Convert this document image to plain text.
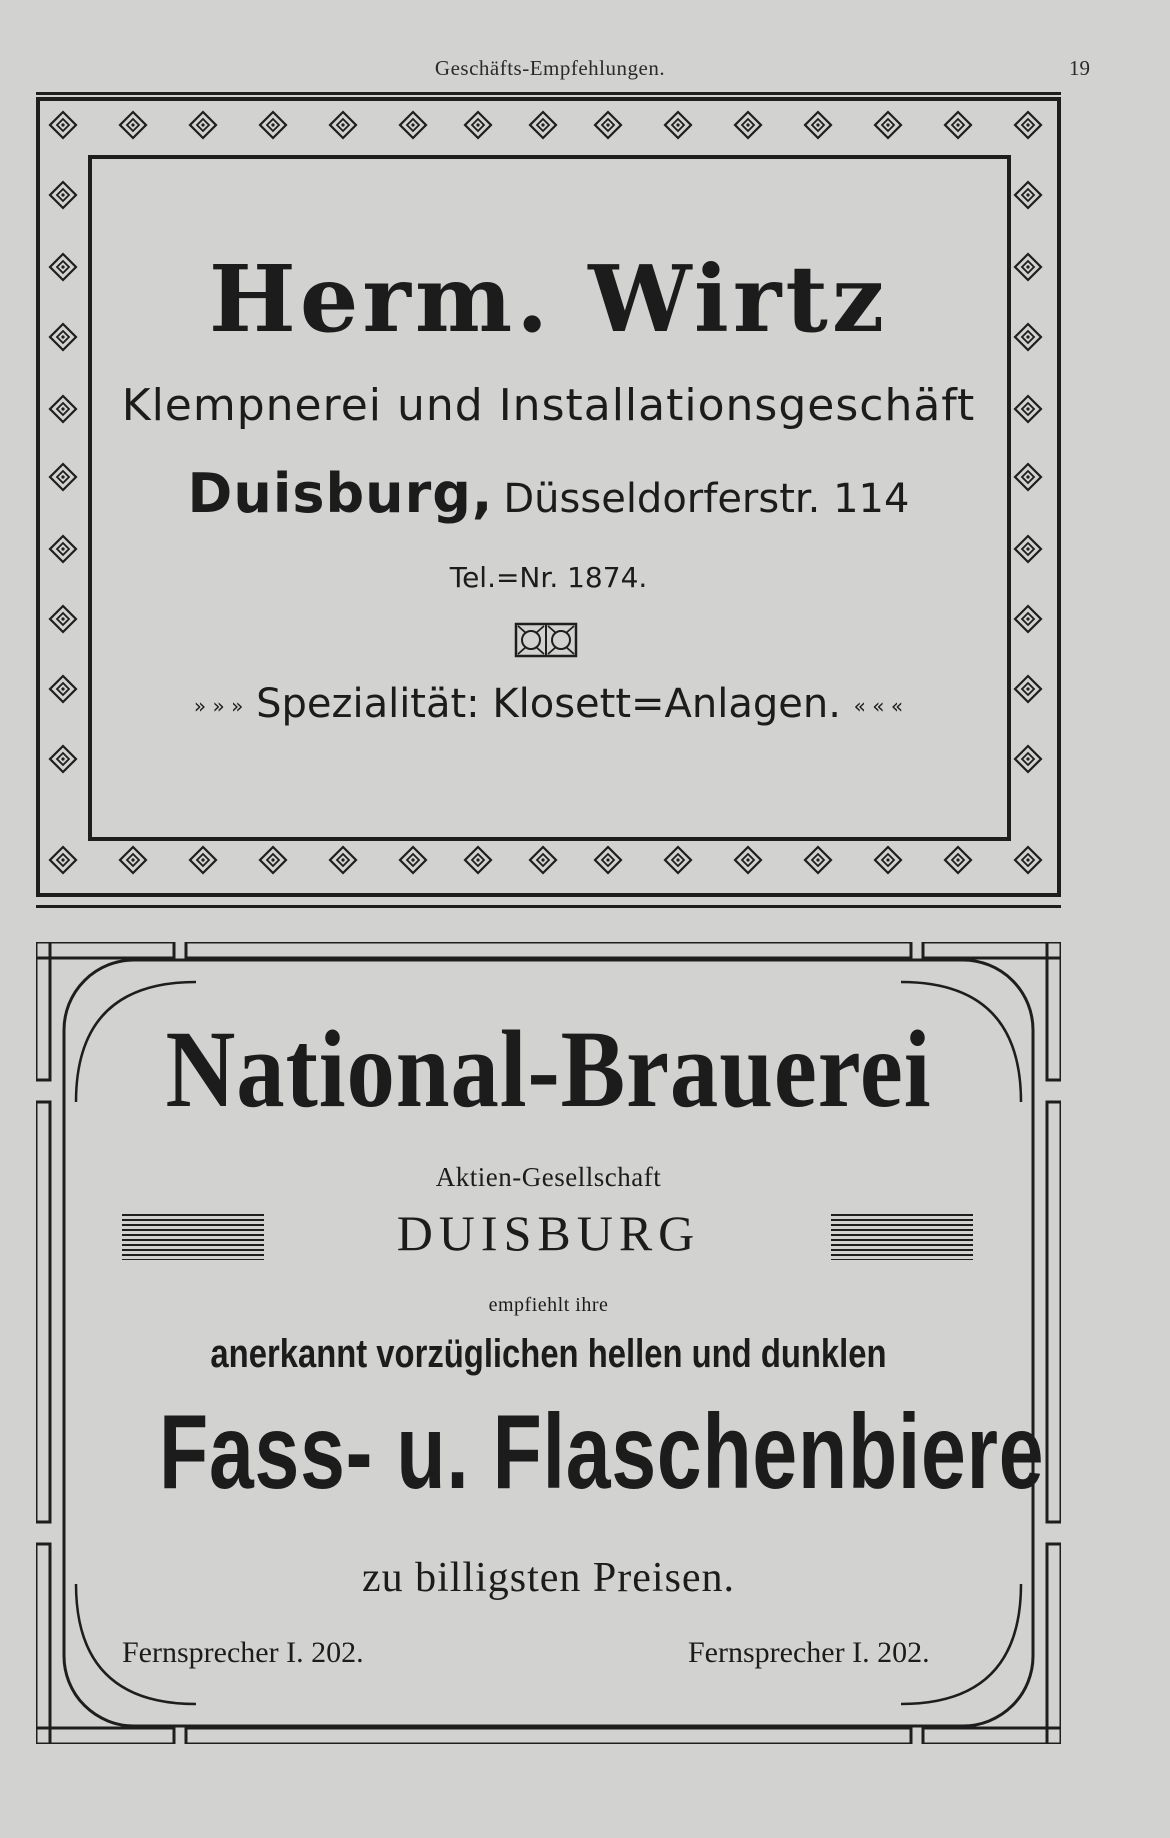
Geschäfts-Empfehlungen.	19
Herm. Wirtz
Klempnerei und Installationsgeschäft
Duisburg, Düsseldorferstr. 114
Tel.=Nr. 1874.
» » » Spezialität: Klosett=Anlagen. « « «
National-Brauerei
Aktien-Gesellschaft
DUISBURG
empfiehlt ihre
anerkannt vorzüglichen hellen und dunklen
Fass- u. Flaschenbiere
zu billigsten Preisen.
Fernsprecher I. 202.	Fernsprecher I. 202.
